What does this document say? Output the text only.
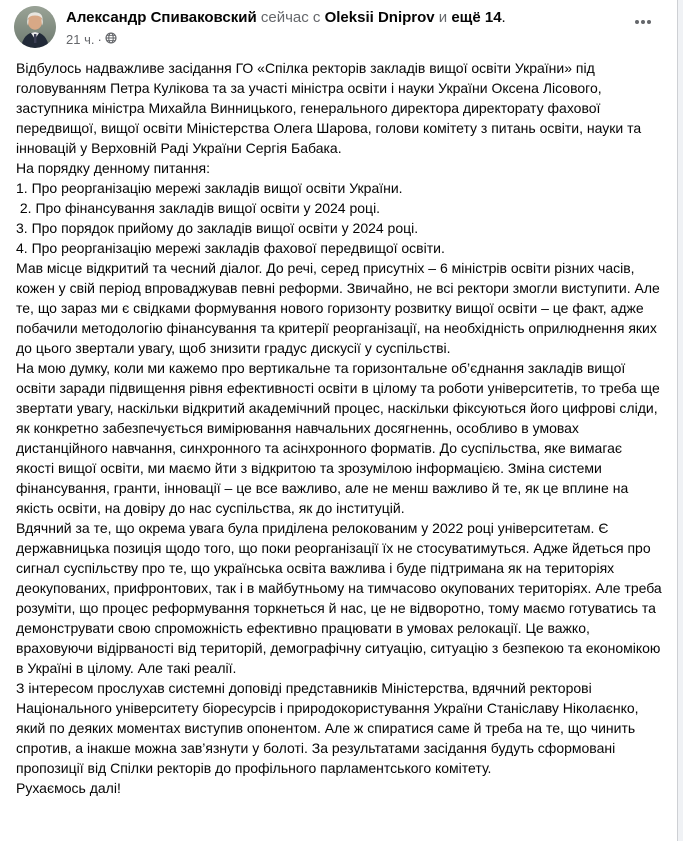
Александр Спиваковский сейчас с Oleksii Dniprov и ещё 14.
21 ч. ·
Відбулось надважливе засідання ГО «Спілка ректорів закладів вищої освіти України» під головуванням Петра Кулікова та за участі міністра освіти і науки України Оксена Лісового, заступника міністра Михайла Винницького, генерального директора директорату фахової передвищої, вищої освіти Міністерства Олега Шарова, голови комітету з питань освіти, науки та інновацій у Верховній Раді України Сергія Бабака.
На порядку денному питання:
1. Про реорганізацію мережі закладів вищої освіти України.
2. Про фінансування закладів вищої освіти у 2024 році.
3. Про порядок прийому до закладів вищої освіти у 2024 році.
4. Про реорганізацію мережі закладів фахової передвищої освіти.
Мав місце відкритий та чесний діалог. До речі, серед присутніх – 6 міністрів освіти різних часів, кожен у свій період впроваджував певні реформи. Звичайно, не всі ректори змогли виступити. Але те, що зараз ми є свідками формування нового горизонту розвитку вищої освіти – це факт, адже побачили методологію фінансування та критерії реорганізації, на необхідність оприлюднення яких до цього звертали увагу, щоб знизити градус дискусії у суспільстві.
На мою думку, коли ми кажемо про вертикальне та горизонтальне об’єднання закладів вищої освіти заради підвищення рівня ефективності освіти в цілому та роботи університетів, то треба ще звертати увагу, наскільки відкритий академічний процес, наскільки фіксуються його цифрові сліди, як конкретно забезпечується вимірювання навчальних досягненнь, особливо в умовах дистанційного навчання, синхронного та асінхронного форматів. До суспільства, яке вимагає якості вищої освіти, ми маємо йти з відкритою та зрозумілою інформацією. Зміна системи фінансування, гранти, інновації – це все важливо, але не менш важливо й те, як це вплине на якість освіти, на довіру до нас суспільства, як до інституцій.
Вдячний за те, що окрема увага була приділена релокованим у 2022 році університетам. Є державницька позиція щодо того, що поки реорганізації їх не стосуватимуться. Адже йдеться про сигнал суспільству про те, що українська освіта важлива і буде підтримана як на територіях деокупованих, прифронтових, так і в майбутньому на тимчасово окупованих територіях. Але треба розуміти, що процес реформування торкнеться й нас, це не відворотно, тому маємо готуватись та демонструвати свою спроможність ефективно працювати в умовах релокації. Це важко, враховуючи відірваності від територій, демографічну ситуацію, ситуацію з безпекою та економікою в Україні в цілому. Але такі реалії.
З інтересом прослухав системні доповіді представників Міністерства, вдячний ректорові Національного університету біоресурсів і природокористування України Станіславу Ніколаєнко, який по деяких моментах виступив опонентом. Але ж спиратися саме й треба на те, що чинить спротив, а інакше можна зав’язнути у болоті. За результатами засідання будуть сформовані пропозиції від Спілки ректорів до профільного парламентського комітету.
Рухаємось далі!
